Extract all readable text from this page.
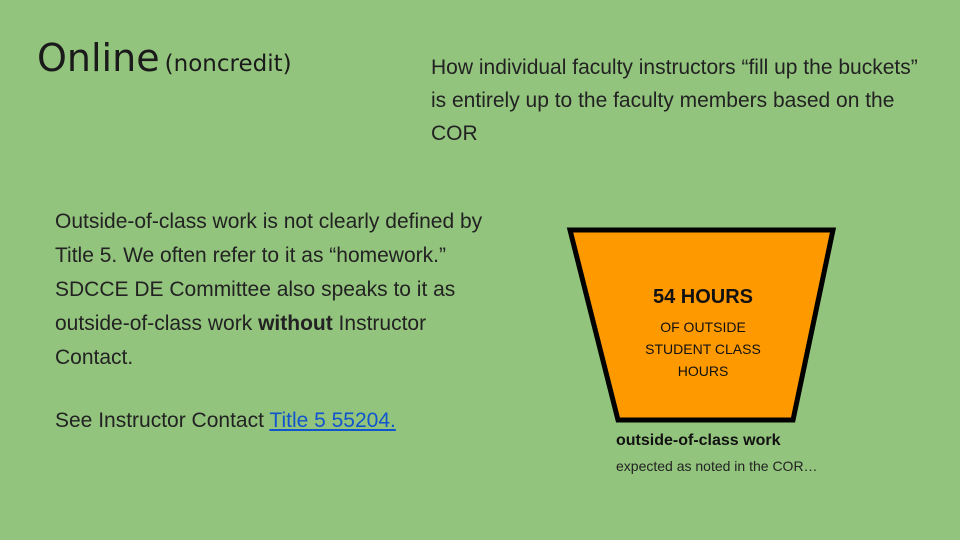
Online (noncredit)	How individual faculty instructors “fill up the buckets” is entirely up to the faculty members based on the COR
Outside-of-class work is not clearly defined by Title 5. We often refer to it as “homework.” SDCCE DE Committee also speaks to it as outside-of-class work without Instructor Contact.
See Instructor Contact Title 5 55204.
54 HOURS
OF OUTSIDE
STUDENT CLASS
HOURS
outside-of-class work
expected as noted in the COR…
